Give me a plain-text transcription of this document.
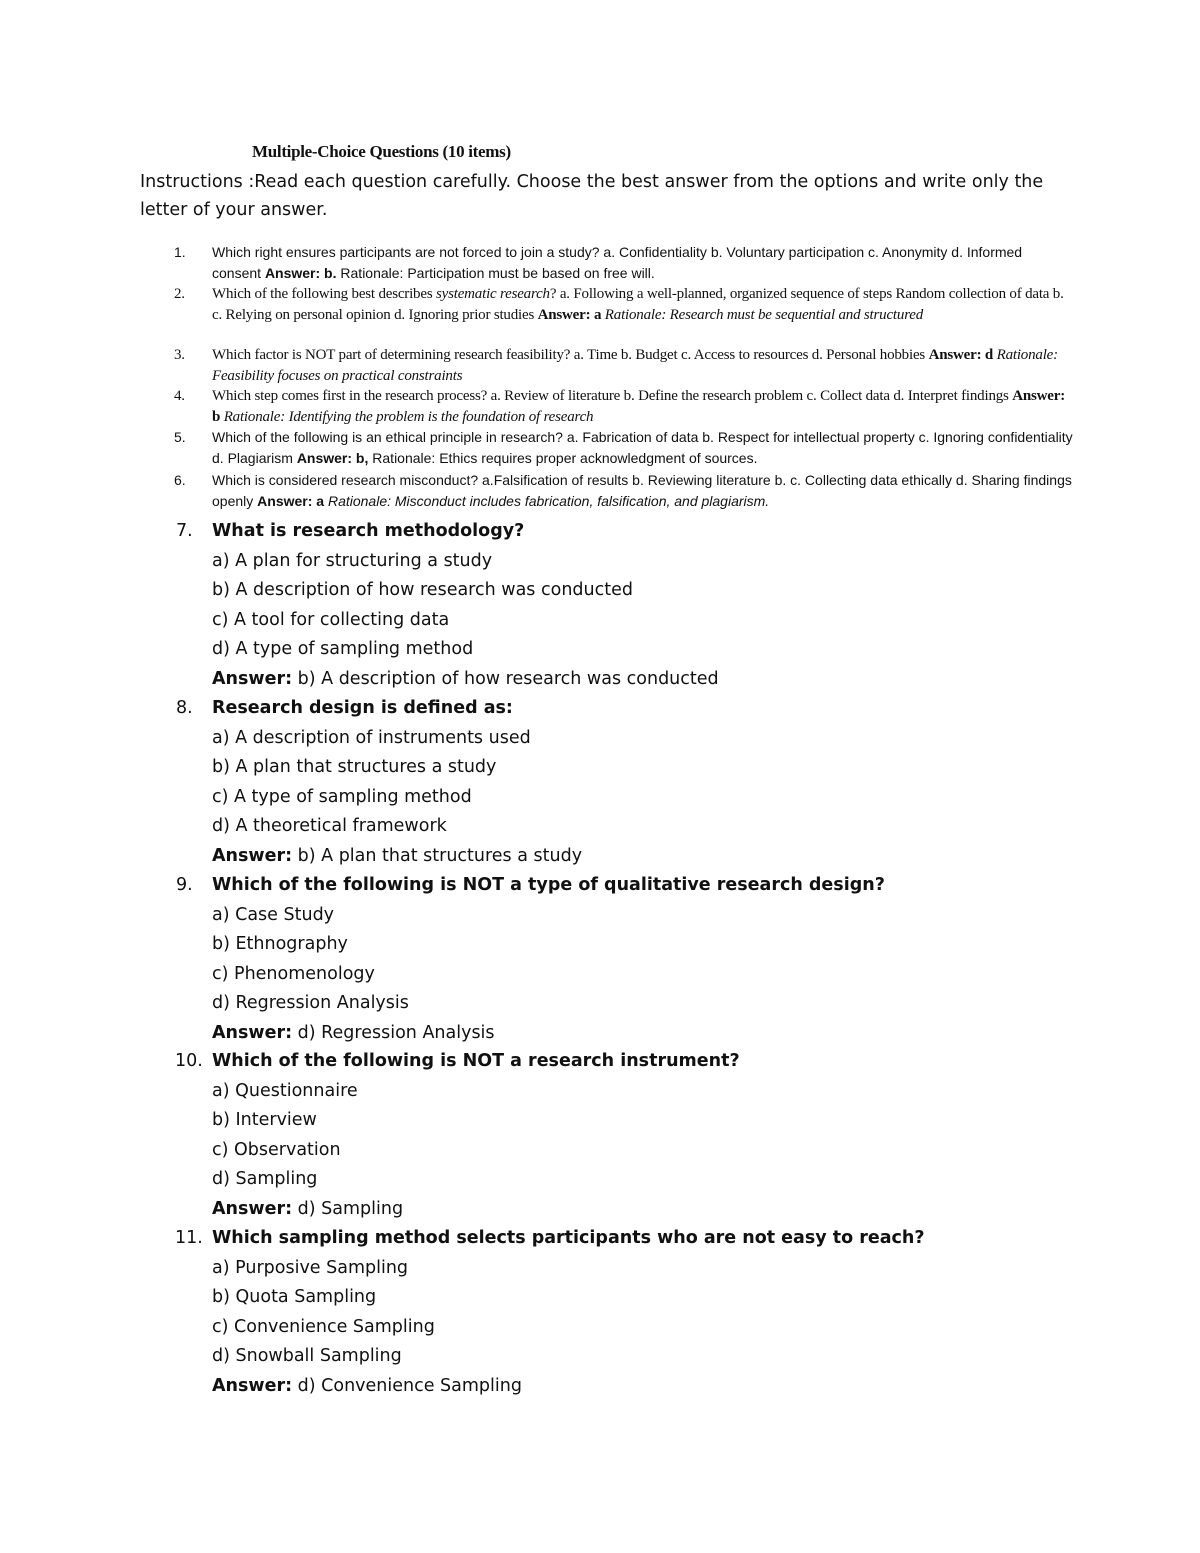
Multiple-Choice Questions (10 items)
Instructions :Read each question carefully. Choose the best answer from the options and write only the letter of your answer.
1. Which right ensures participants are not forced to join a study? a. Confidentiality b. Voluntary participation c. Anonymity d. Informed consent Answer: b. Rationale: Participation must be based on free will.
2. Which of the following best describes systematic research? a. Following a well-planned, organized sequence of steps Random collection of data b. c. Relying on personal opinion d. Ignoring prior studies Answer: a Rationale: Research must be sequential and structured
3. Which factor is NOT part of determining research feasibility? a. Time b. Budget c. Access to resources d. Personal hobbies Answer: d Rationale: Feasibility focuses on practical constraints
4. Which step comes first in the research process? a. Review of literature b. Define the research problem c. Collect data d. Interpret findings Answer: b Rationale: Identifying the problem is the foundation of research
5. Which of the following is an ethical principle in research? a. Fabrication of data b. Respect for intellectual property c. Ignoring confidentiality d. Plagiarism Answer: b, Rationale: Ethics requires proper acknowledgment of sources.
6. Which is considered research misconduct? a.Falsification of results b. Reviewing literature b. c. Collecting data ethically d. Sharing findings openly Answer: a Rationale: Misconduct includes fabrication, falsification, and plagiarism.
7. What is research methodology?
a) A plan for structuring a study
b) A description of how research was conducted
c) A tool for collecting data
d) A type of sampling method
Answer: b) A description of how research was conducted
8. Research design is defined as:
a) A description of instruments used
b) A plan that structures a study
c) A type of sampling method
d) A theoretical framework
Answer: b) A plan that structures a study
9. Which of the following is NOT a type of qualitative research design?
a) Case Study
b) Ethnography
c) Phenomenology
d) Regression Analysis
Answer: d) Regression Analysis
10. Which of the following is NOT a research instrument?
a) Questionnaire
b) Interview
c) Observation
d) Sampling
Answer: d) Sampling
11. Which sampling method selects participants who are not easy to reach?
a) Purposive Sampling
b) Quota Sampling
c) Convenience Sampling
d) Snowball Sampling
Answer: d) Convenience Sampling
